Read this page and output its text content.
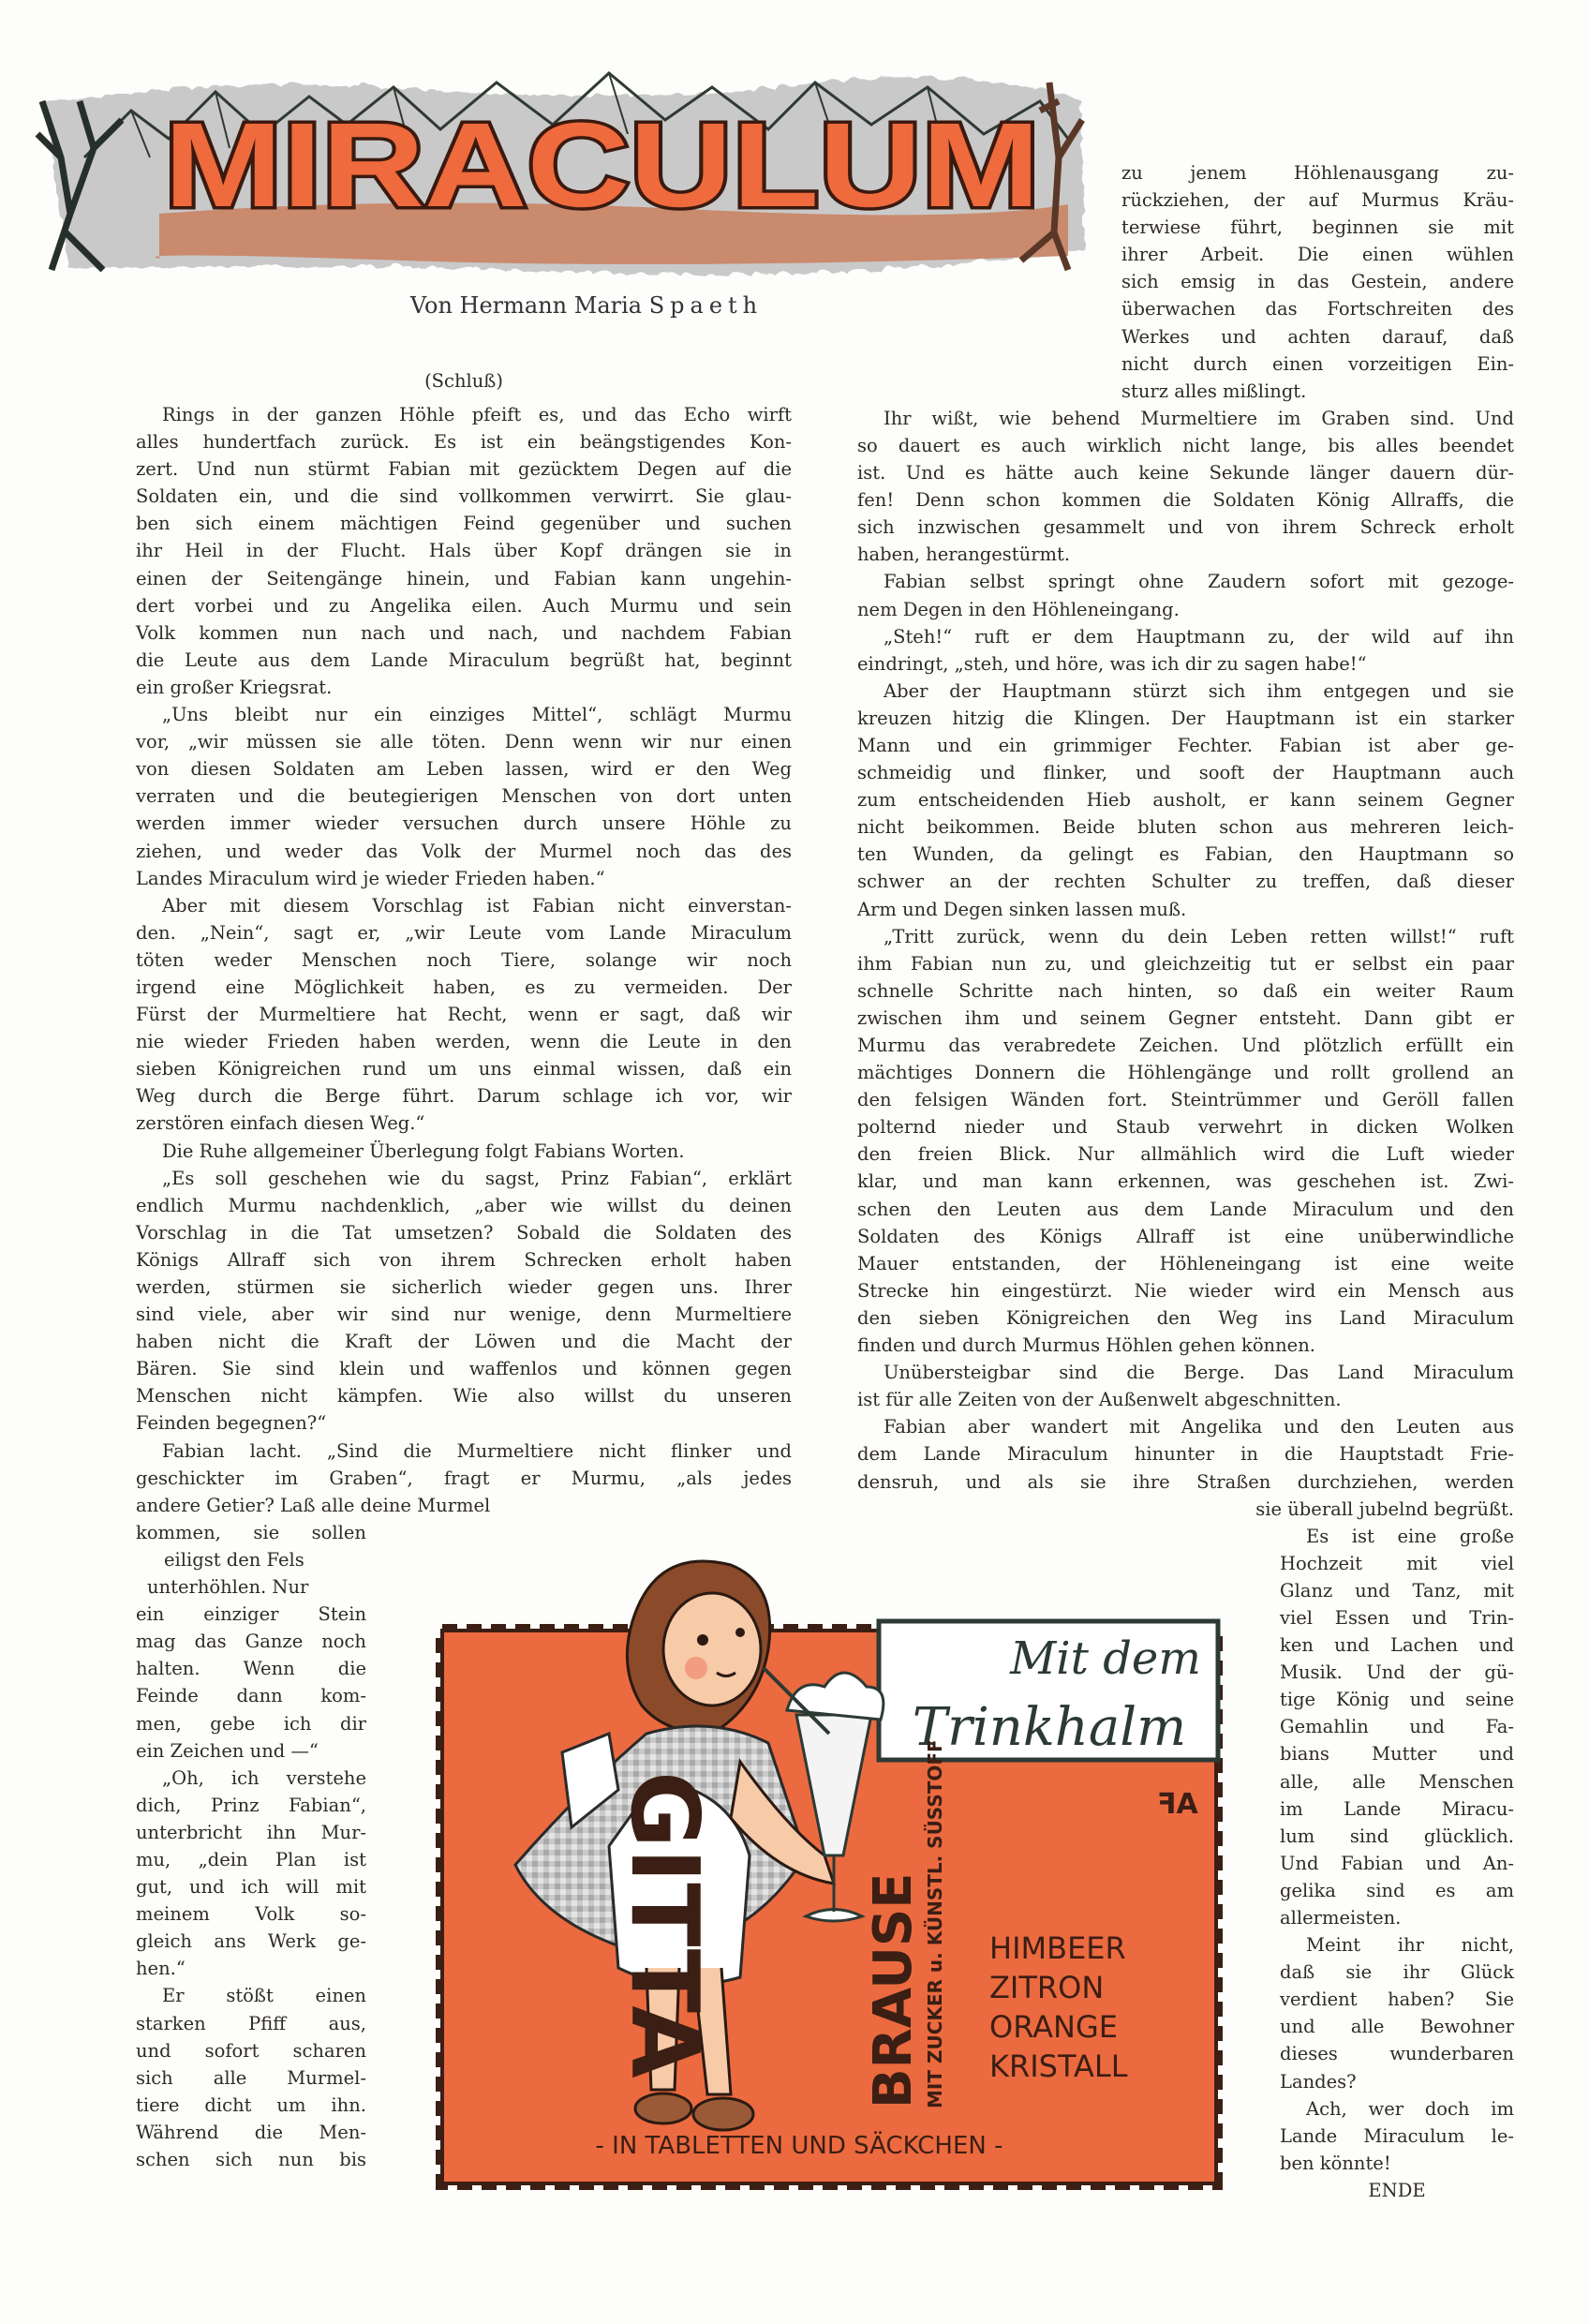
MIRACULUM
Von Hermann Maria Spaeth
(Schluß)
Rings in der ganzen Höhle pfeift es, und das Echo wirft
alles hundertfach zurück. Es ist ein beängstigendes Kon-
zert. Und nun stürmt Fabian mit gezücktem Degen auf die
Soldaten ein, und die sind vollkommen verwirrt. Sie glau-
ben sich einem mächtigen Feind gegenüber und suchen
ihr Heil in der Flucht. Hals über Kopf drängen sie in
einen der Seitengänge hinein, und Fabian kann ungehin-
dert vorbei und zu Angelika eilen. Auch Murmu und sein
Volk kommen nun nach und nach, und nachdem Fabian
die Leute aus dem Lande Miraculum begrüßt hat, beginnt
ein großer Kriegsrat.
„Uns bleibt nur ein einziges Mittel“, schlägt Murmu
vor, „wir müssen sie alle töten. Denn wenn wir nur einen
von diesen Soldaten am Leben lassen, wird er den Weg
verraten und die beutegierigen Menschen von dort unten
werden immer wieder versuchen durch unsere Höhle zu
ziehen, und weder das Volk der Murmel noch das des
Landes Miraculum wird je wieder Frieden haben.“
Aber mit diesem Vorschlag ist Fabian nicht einverstan-
den. „Nein“, sagt er, „wir Leute vom Lande Miraculum
töten weder Menschen noch Tiere, solange wir noch
irgend eine Möglichkeit haben, es zu vermeiden. Der
Fürst der Murmeltiere hat Recht, wenn er sagt, daß wir
nie wieder Frieden haben werden, wenn die Leute in den
sieben Königreichen rund um uns einmal wissen, daß ein
Weg durch die Berge führt. Darum schlage ich vor, wir
zerstören einfach diesen Weg.“
Die Ruhe allgemeiner Überlegung folgt Fabians Worten.
„Es soll geschehen wie du sagst, Prinz Fabian“, erklärt
endlich Murmu nachdenklich, „aber wie willst du deinen
Vorschlag in die Tat umsetzen? Sobald die Soldaten des
Königs Allraff sich von ihrem Schrecken erholt haben
werden, stürmen sie sicherlich wieder gegen uns. Ihrer
sind viele, aber wir sind nur wenige, denn Murmeltiere
haben nicht die Kraft der Löwen und die Macht der
Bären. Sie sind klein und waffenlos und können gegen
Menschen nicht kämpfen. Wie also willst du unseren
Feinden begegnen?“
Fabian lacht. „Sind die Murmeltiere nicht flinker und
geschickter im Graben“, fragt er Murmu, „als jedes
andere Getier? Laß alle deine Murmel
kommen, sie sollen
eiligst den Fels
unterhöhlen. Nur
ein einziger Stein
mag das Ganze noch
halten. Wenn die
Feinde dann kom-
men, gebe ich dir
ein Zeichen und —“
„Oh, ich verstehe
dich, Prinz Fabian“,
unterbricht ihn Mur-
mu, „dein Plan ist
gut, und ich will mit
meinem Volk so-
gleich ans Werk ge-
hen.“
Er stößt einen
starken Pfiff aus,
und sofort scharen
sich alle Murmel-
tiere dicht um ihn.
Während die Men-
schen sich nun bis
zu jenem Höhlenausgang zu-
rückziehen, der auf Murmus Kräu-
terwiese führt, beginnen sie mit
ihrer Arbeit. Die einen wühlen
sich emsig in das Gestein, andere
überwachen das Fortschreiten des
Werkes und achten darauf, daß
nicht durch einen vorzeitigen Ein-
sturz alles mißlingt.
Ihr wißt, wie behend Murmeltiere im Graben sind. Und
so dauert es auch wirklich nicht lange, bis alles beendet
ist. Und es hätte auch keine Sekunde länger dauern dür-
fen! Denn schon kommen die Soldaten König Allraffs, die
sich inzwischen gesammelt und von ihrem Schreck erholt
haben, herangestürmt.
Fabian selbst springt ohne Zaudern sofort mit gezoge-
nem Degen in den Höhleneingang.
„Steh!“ ruft er dem Hauptmann zu, der wild auf ihn
eindringt, „steh, und höre, was ich dir zu sagen habe!“
Aber der Hauptmann stürzt sich ihm entgegen und sie
kreuzen hitzig die Klingen. Der Hauptmann ist ein starker
Mann und ein grimmiger Fechter. Fabian ist aber ge-
schmeidig und flinker, und sooft der Hauptmann auch
zum entscheidenden Hieb ausholt, er kann seinem Gegner
nicht beikommen. Beide bluten schon aus mehreren leich-
ten Wunden, da gelingt es Fabian, den Hauptmann so
schwer an der rechten Schulter zu treffen, daß dieser
Arm und Degen sinken lassen muß.
„Tritt zurück, wenn du dein Leben retten willst!“ ruft
ihm Fabian nun zu, und gleichzeitig tut er selbst ein paar
schnelle Schritte nach hinten, so daß ein weiter Raum
zwischen ihm und seinem Gegner entsteht. Dann gibt er
Murmu das verabredete Zeichen. Und plötzlich erfüllt ein
mächtiges Donnern die Höhlengänge und rollt grollend an
den felsigen Wänden fort. Steintrümmer und Geröll fallen
polternd nieder und Staub verwehrt in dicken Wolken
den freien Blick. Nur allmählich wird die Luft wieder
klar, und man kann erkennen, was geschehen ist. Zwi-
schen den Leuten aus dem Lande Miraculum und den
Soldaten des Königs Allraff ist eine unüberwindliche
Mauer entstanden, der Höhleneingang ist eine weite
Strecke hin eingestürzt. Nie wieder wird ein Mensch aus
den sieben Königreichen den Weg ins Land Miraculum
finden und durch Murmus Höhlen gehen können.
Unübersteigbar sind die Berge. Das Land Miraculum
ist für alle Zeiten von der Außenwelt abgeschnitten.
Fabian aber wandert mit Angelika und den Leuten aus
dem Lande Miraculum hinunter in die Hauptstadt Frie-
densruh, und als sie ihre Straßen durchziehen, werden
sie überall jubelnd begrüßt.
Es ist eine große
Hochzeit mit viel
Glanz und Tanz, mit
viel Essen und Trin-
ken und Lachen und
Musik. Und der gü-
tige König und seine
Gemahlin und Fa-
bians Mutter und
alle, alle Menschen
im Lande Miracu-
lum sind glücklich.
Und Fabian und An-
gelika sind es am
allermeisten.
Meint ihr nicht,
daß sie ihr Glück
verdient haben? Sie
und alle Bewohner
dieses wunderbaren
Landes?
Ach, wer doch im
Lande Miraculum le-
ben könnte!
ENDE
Mit dem
Trinkhalm
GITTA	BRAUSE MIT ZUCKER u. KÜNSTL. SÜSSTOFF	ꟻA
HIMBEER
ZITRON
ORANGE
KRISTALL
- IN TABLETTEN UND SÄCKCHEN -
